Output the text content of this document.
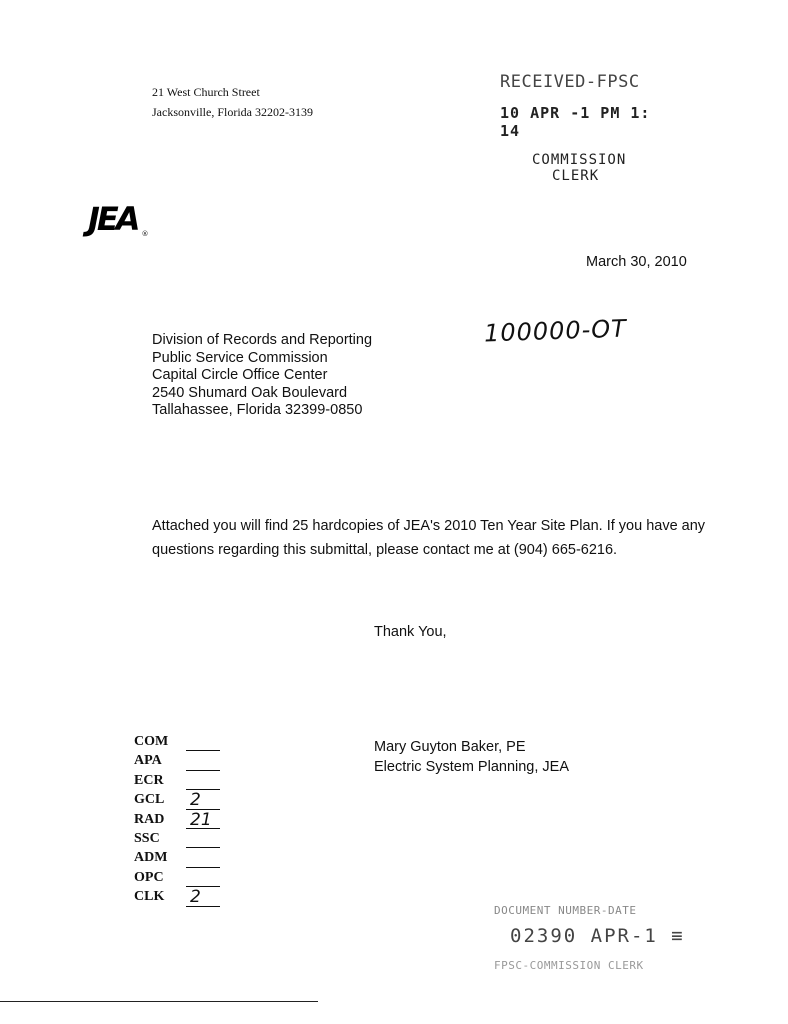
21 West Church Street
Jacksonville, Florida 32202-3139
RECEIVED-FPSC
10 APR -1 PM 1: 14
COMMISSION
CLERK
JEA ®
March 30, 2010
100000-OT
Division of Records and Reporting
Public Service Commission
Capital Circle Office Center
2540 Shumard Oak Boulevard
Tallahassee, Florida 32399-0850
Attached you will find 25 hardcopies of JEA's 2010 Ten Year Site Plan. If you have any questions regarding this submittal, please contact me at (904) 665-6216.
Thank You,
Mary Guyton Baker, PE
Electric System Planning, JEA
COM
APA
ECR
GCL	2
RAD	21
SSC
ADM
OPC
CLK	2
DOCUMENT NUMBER-DATE
02390 APR-1 ≡
FPSC-COMMISSION CLERK
